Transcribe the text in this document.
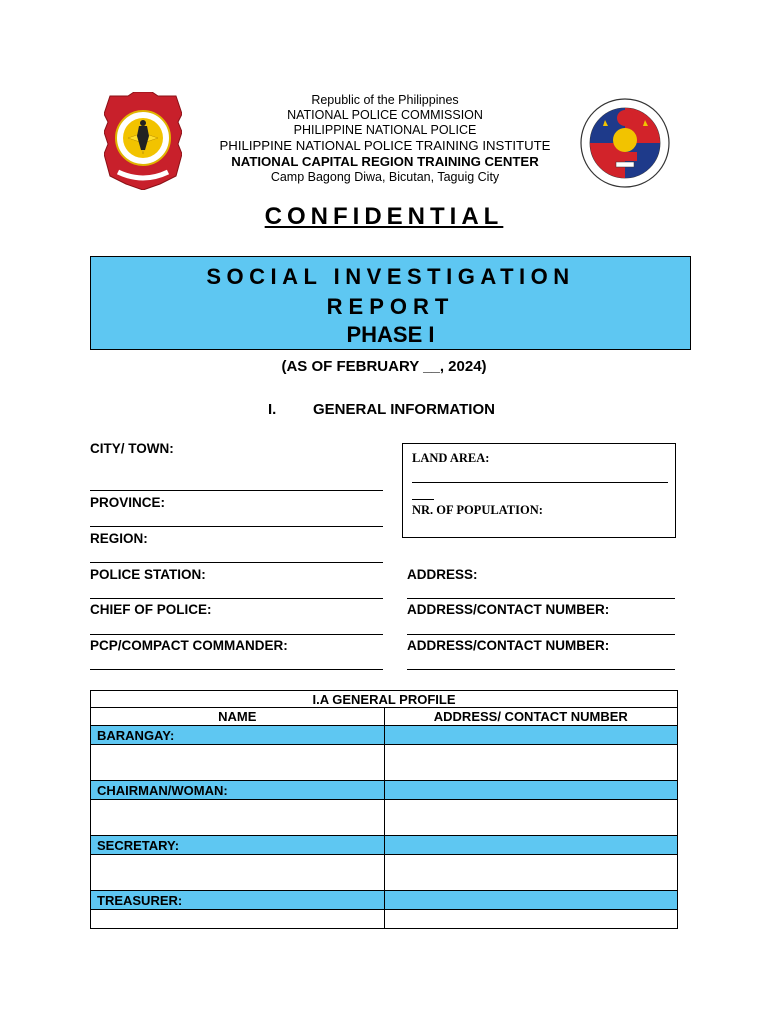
Republic of the Philippines
NATIONAL POLICE COMMISSION
PHILIPPINE NATIONAL POLICE
PHILIPPINE NATIONAL POLICE TRAINING INSTITUTE
NATIONAL CAPITAL REGION TRAINING CENTER
Camp Bagong Diwa, Bicutan, Taguig City
CONFIDENTIAL
SOCIAL INVESTIGATION
REPORT
PHASE I
(AS OF FEBRUARY __, 2024)
I. GENERAL INFORMATION
CITY/ TOWN:
PROVINCE:
REGION:
POLICE STATION:
CHIEF OF POLICE:
PCP/COMPACT COMMANDER:
LAND AREA:
NR. OF POPULATION:
ADDRESS:
ADDRESS/CONTACT NUMBER:
ADDRESS/CONTACT NUMBER:
I.A GENERAL PROFILE	
NAME	ADDRESS/ CONTACT NUMBER
BARANGAY:	

CHAIRMAN/WOMAN:	

SECRETARY:	

TREASURER:	
